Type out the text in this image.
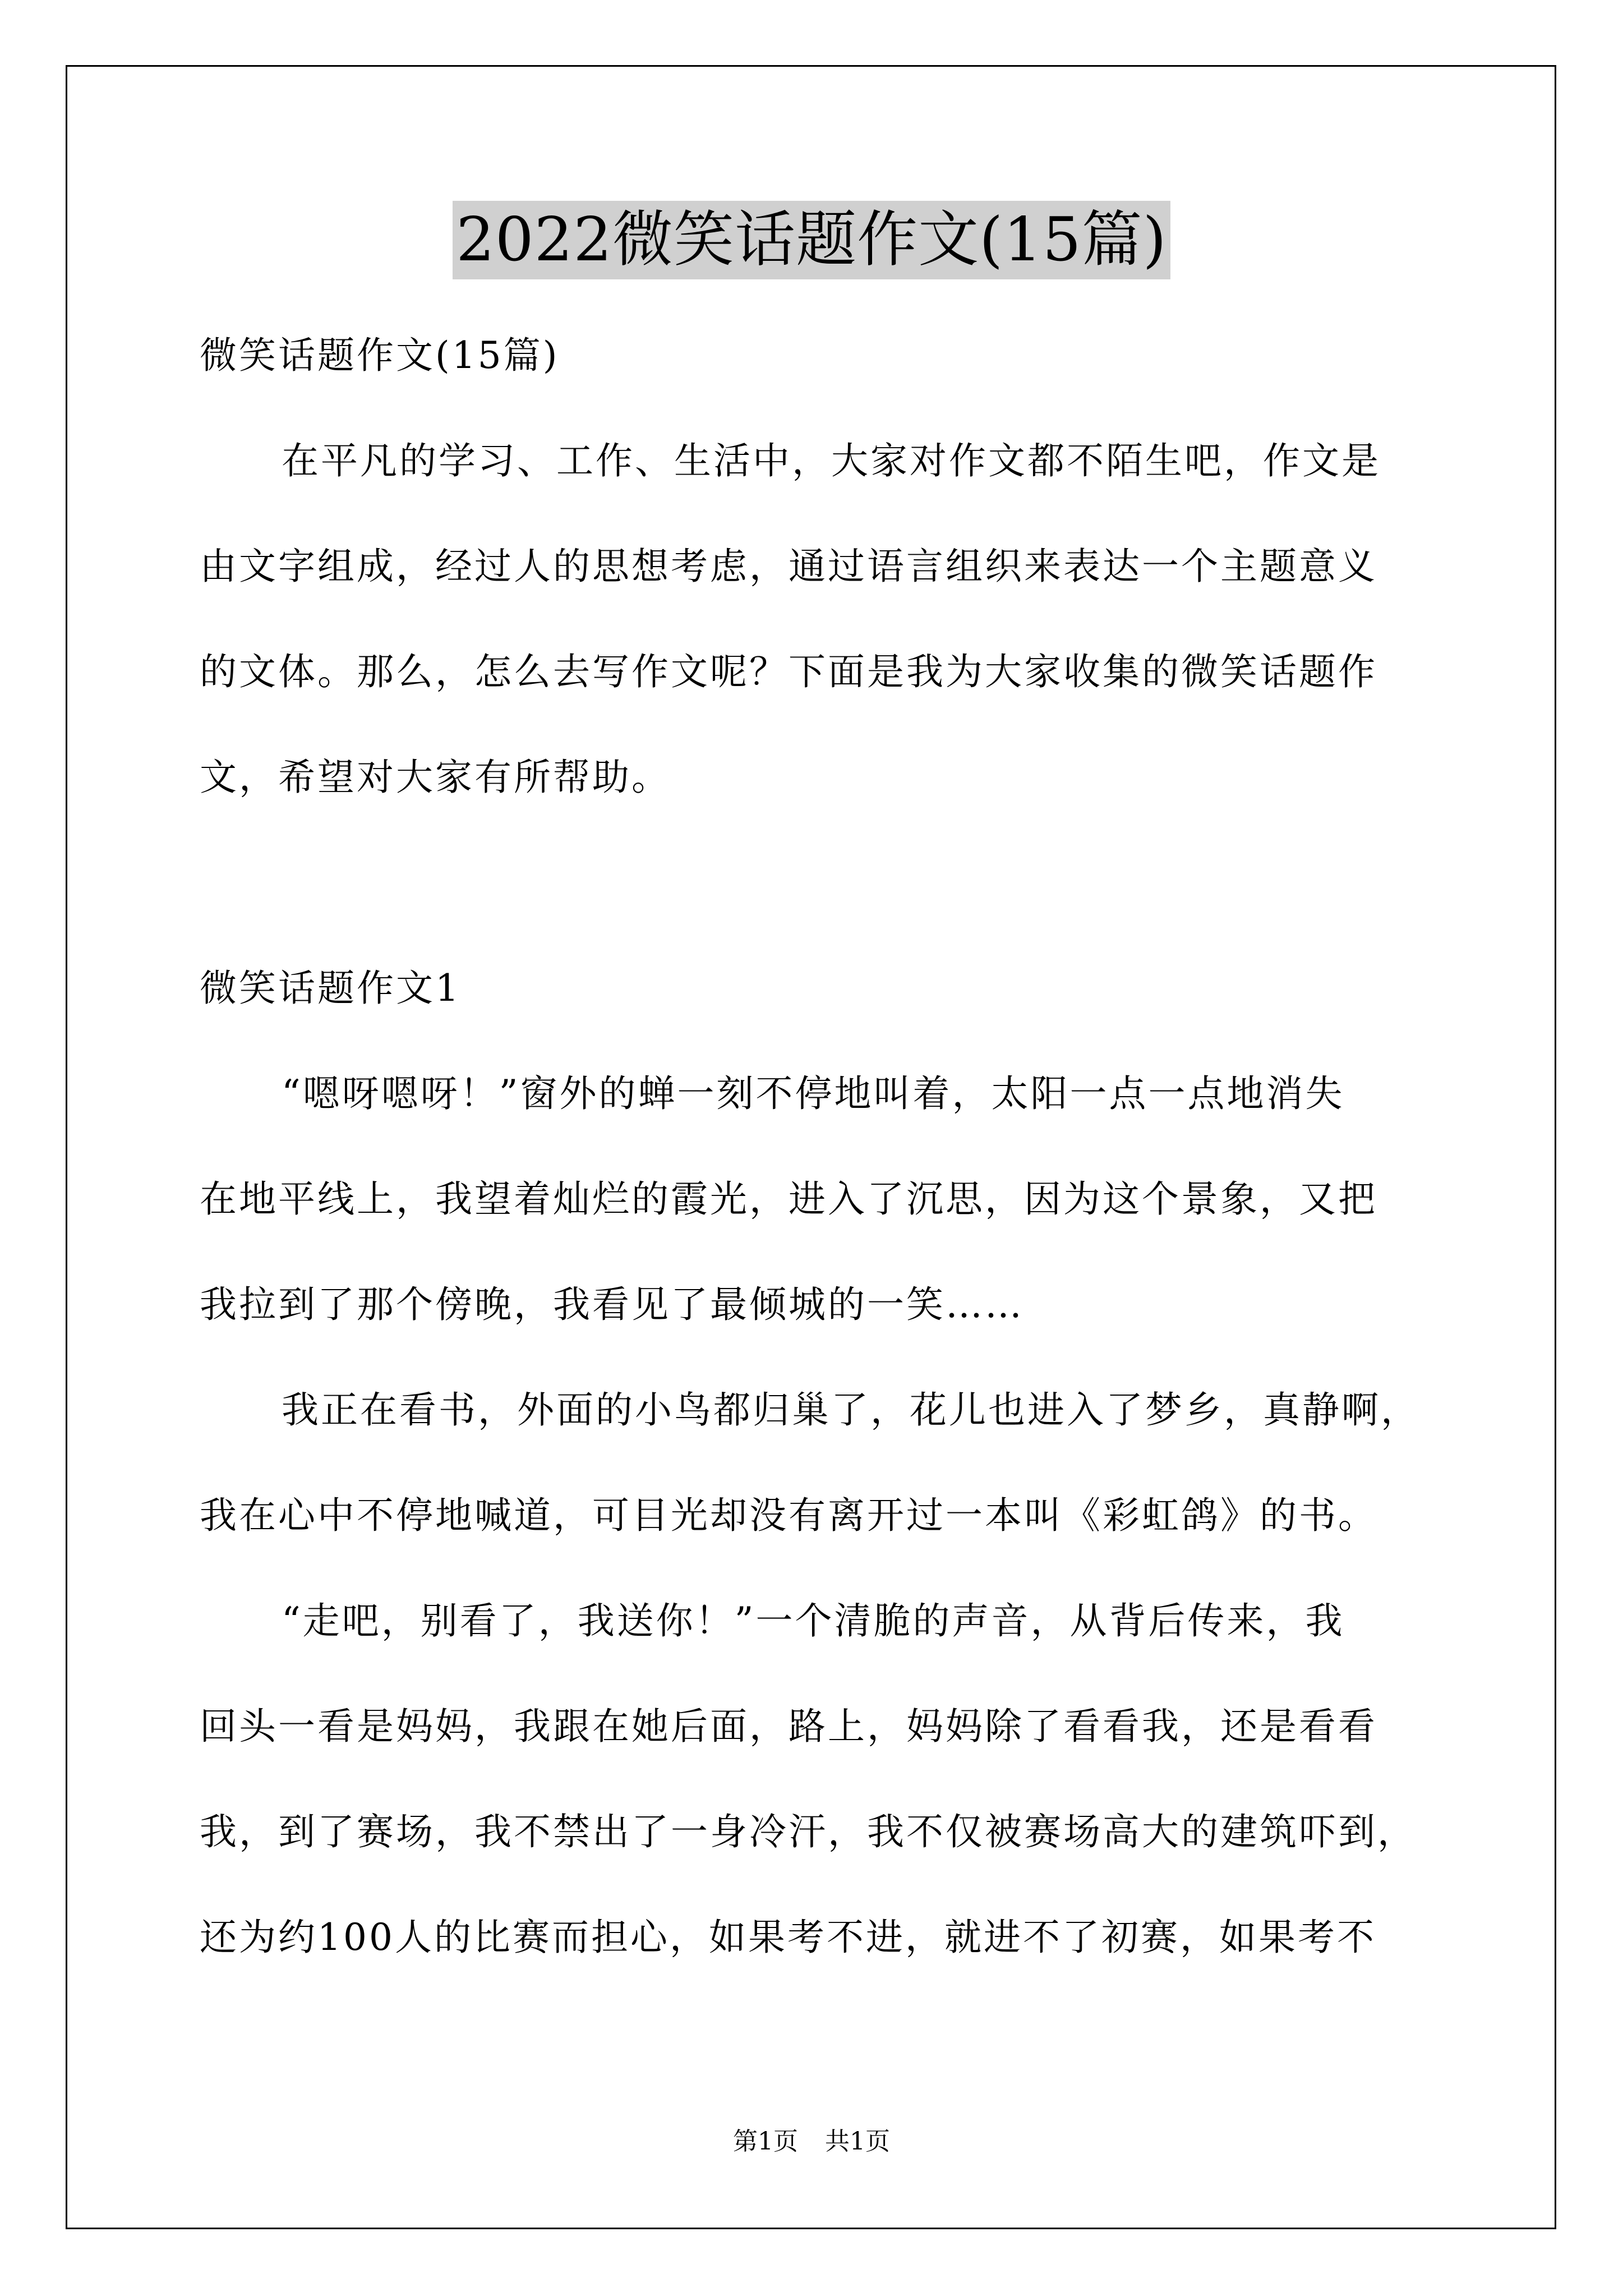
2022微笑话题作文(15篇)
微笑话题作文(15篇)
在平凡的学习、工作、生活中，大家对作文都不陌生吧，作文是
由文字组成，经过人的思想考虑，通过语言组织来表达一个主题意义
的文体。那么，怎么去写作文呢？下面是我为大家收集的微笑话题作
文，希望对大家有所帮助。
微笑话题作文1
“嗯呀嗯呀！”窗外的蝉一刻不停地叫着，太阳一点一点地消失
在地平线上，我望着灿烂的霞光，进入了沉思，因为这个景象，又把
我拉到了那个傍晚，我看见了最倾城的一笑……
我正在看书，外面的小鸟都归巢了，花儿也进入了梦乡，真静啊，
我在心中不停地喊道，可目光却没有离开过一本叫《彩虹鸽》的书。
“走吧，别看了，我送你！”一个清脆的声音，从背后传来，我
回头一看是妈妈，我跟在她后面，路上，妈妈除了看看我，还是看看
我，到了赛场，我不禁出了一身冷汗，我不仅被赛场高大的建筑吓到，
还为约100人的比赛而担心，如果考不进，就进不了初赛，如果考不
第1页 共1页
